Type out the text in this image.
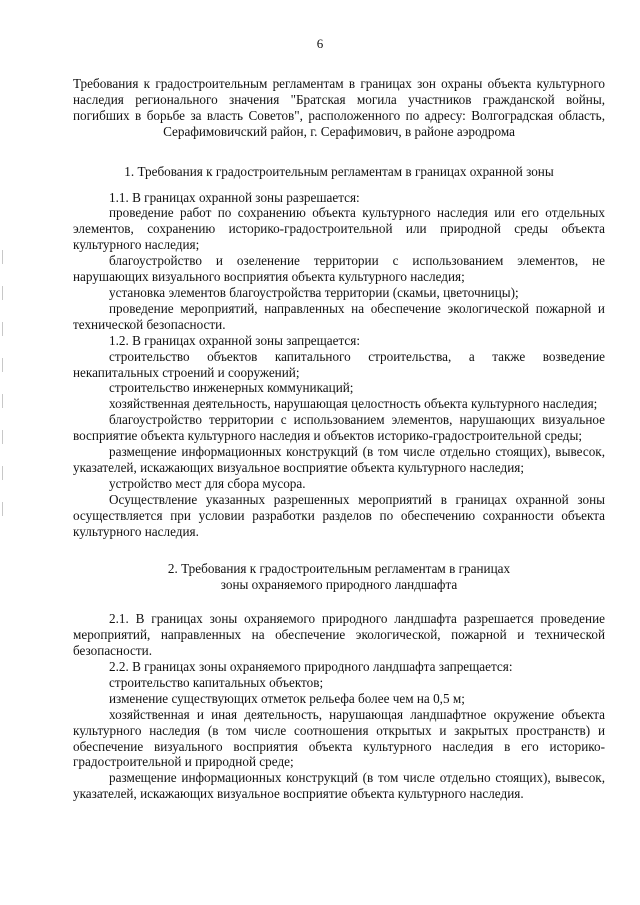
6

Требования к градостроительным регламентам в границах зон охраны объекта культурного наследия регионального значения "Братская могила участников гражданской войны, погибших в борьбе за власть Советов", расположенного по адресу: Волгоградская область, Серафимовичский район, г. Серафимович, в районе аэродрома

1. Требования к градостроительным регламентам в границах охранной зоны

1.1. В границах охранной зоны разрешается:

проведение работ по сохранению объекта культурного наследия или его отдельных элементов, сохранению историко-градостроительной или природной среды объекта культурного наследия;

благоустройство и озеленение территории с использованием элементов, не нарушающих визуального восприятия объекта культурного наследия;

установка элементов благоустройства территории (скамьи, цветочницы);

проведение мероприятий, направленных на обеспечение экологической пожарной и технической безопасности.

1.2. В границах охранной зоны запрещается:

строительство объектов капитального строительства, а также возведение некапитальных строений и сооружений;

строительство инженерных коммуникаций;

хозяйственная деятельность, нарушающая целостность объекта культурного наследия;

благоустройство территории с использованием элементов, нарушающих визуальное восприятие объекта культурного наследия и объектов историко-градостроительной среды;

размещение информационных конструкций (в том числе отдельно стоящих), вывесок, указателей, искажающих визуальное восприятие объекта культурного наследия;

устройство мест для сбора мусора.

Осуществление указанных разрешенных мероприятий в границах охранной зоны осуществляется при условии разработки разделов по обеспечению сохранности объекта культурного наследия.

2. Требования к градостроительным регламентам в границах

зоны охраняемого природного ландшафта

2.1. В границах зоны охраняемого природного ландшафта разрешается проведение мероприятий, направленных на обеспечение экологической, пожарной и технической безопасности.

2.2. В границах зоны охраняемого природного ландшафта запрещается:

строительство капитальных объектов;

изменение существующих отметок рельефа более чем на 0,5 м;

хозяйственная и иная деятельность, нарушающая ландшафтное окружение объекта культурного наследия (в том числе соотношения открытых и закрытых пространств) и обеспечение визуального восприятия объекта культурного наследия в его историко-градостроительной и природной среде;

размещение информационных конструкций (в том числе отдельно стоящих), вывесок, указателей, искажающих визуальное восприятие объекта культурного наследия.
